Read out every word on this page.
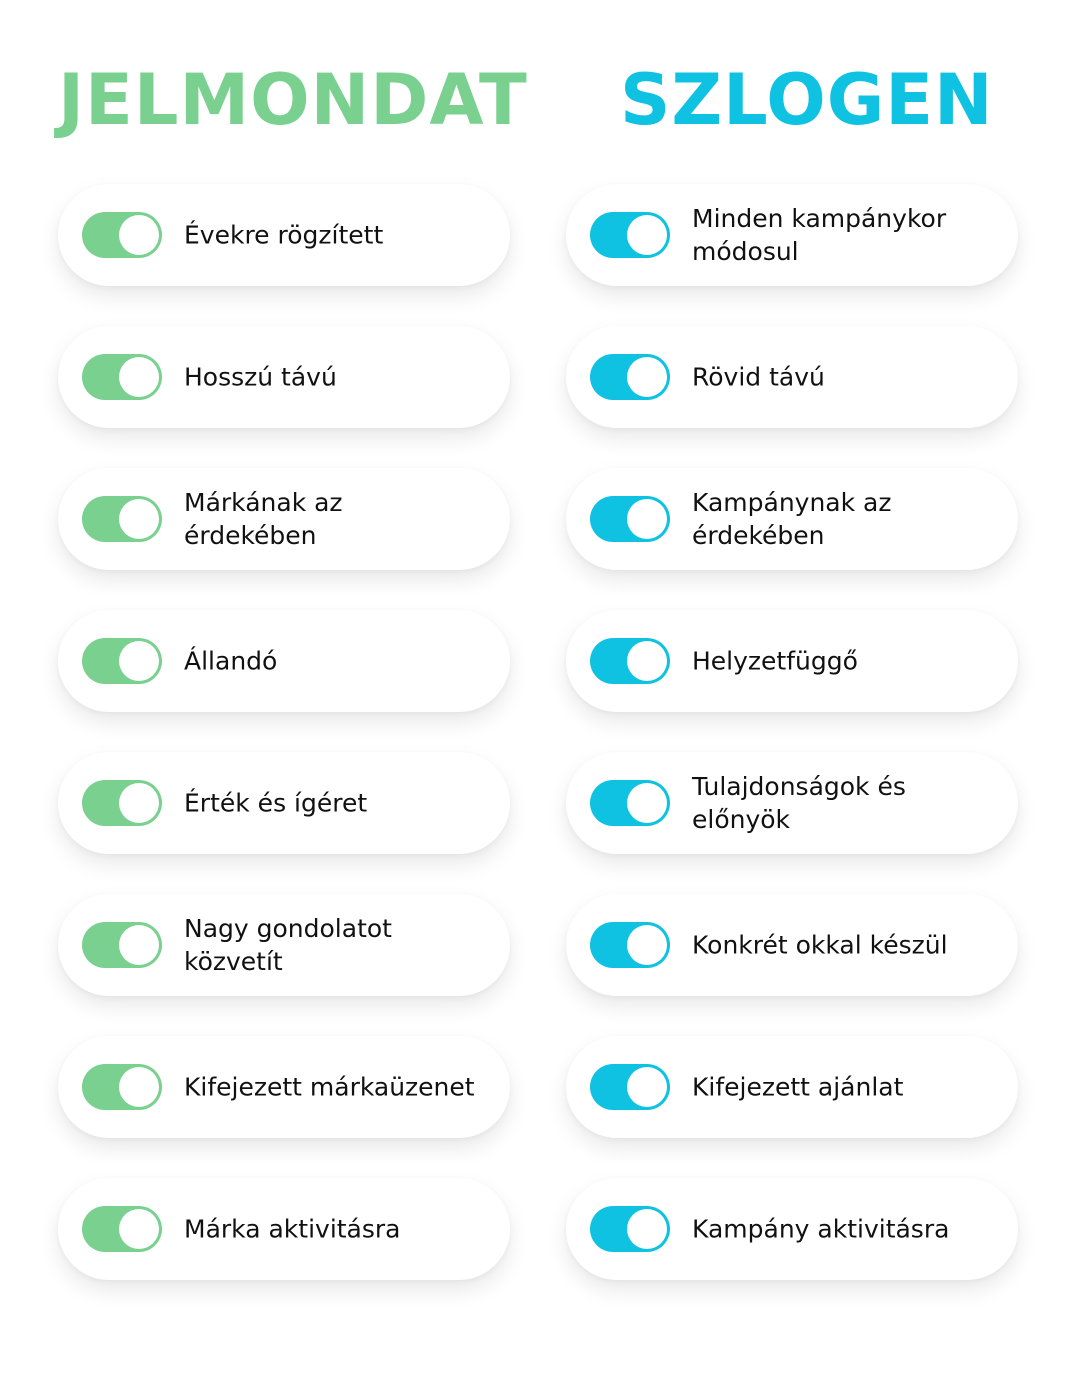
JELMONDAT
Évekre rögzített
Hosszú távú
Márkának az érdekében
Állandó
Érték és ígéret
Nagy gondolatot közvetít
Kifejezett márkaüzenet
Márka aktivitásra
SZLOGEN
Minden kampánykor módosul
Rövid távú
Kampánynak az érdekében
Helyzetfüggő
Tulajdonságok és előnyök
Konkrét okkal készül
Kifejezett ajánlat
Kampány aktivitásra
